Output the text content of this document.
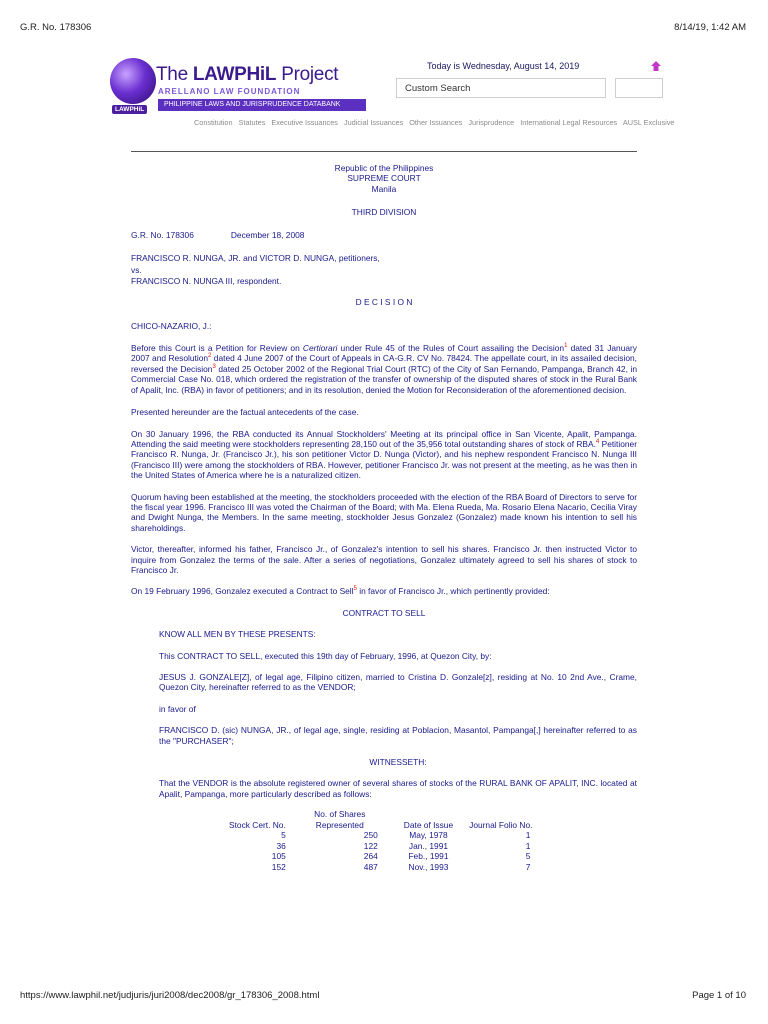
G.R. No. 178306	8/14/19, 1:42 AM
LAWPHiL
The LAWPHiL Project
ARELLANO LAW FOUNDATION
PHILIPPINE LAWS AND JURISPRUDENCE DATABANK
Today is Wednesday, August 14, 2019
Custom Search
Constitution Statutes Executive Issuances Judicial Issuances Other Issuances Jurisprudence International Legal Resources AUSL Exclusive

Republic of the Philippines

SUPREME COURT

Manila

THIRD DIVISION

G.R. No. 178306	December 18, 2008

FRANCISCO R. NUNGA, JR. and VICTOR D. NUNGA, petitioners,

vs.

FRANCISCO N. NUNGA III, respondent.

D E C I S I O N

CHICO-NAZARIO, J.:

Before this Court is a Petition for Review on Certiorari under Rule 45 of the Rules of Court assailing the Decision$^1$ dated 31 January 2007 and Resolution$^2$ dated 4 June 2007 of the Court of Appeals in CA-G.R. CV No. 78424. The appellate court, in its assailed decision, reversed the Decision$^3$ dated 25 October 2002 of the Regional Trial Court (RTC) of the City of San Fernando, Pampanga, Branch 42, in Commercial Case No. 018, which ordered the registration of the transfer of ownership of the disputed shares of stock in the Rural Bank of Apalit, Inc. (RBA) in favor of petitioners; and in its resolution, denied the Motion for Reconsideration of the aforementioned decision.

Presented hereunder are the factual antecedents of the case.

On 30 January 1996, the RBA conducted its Annual Stockholders' Meeting at its principal office in San Vicente, Apalit, Pampanga. Attending the said meeting were stockholders representing 28,150 out of the 35,956 total outstanding shares of stock of RBA.$^4$ Petitioner Francisco R. Nunga, Jr. (Francisco Jr.), his son petitioner Victor D. Nunga (Victor), and his nephew respondent Francisco N. Nunga III (Francisco III) were among the stockholders of RBA. However, petitioner Francisco Jr. was not present at the meeting, as he was then in the United States of America where he is a naturalized citizen.

Quorum having been established at the meeting, the stockholders proceeded with the election of the RBA Board of Directors to serve for the fiscal year 1996. Francisco III was voted the Chairman of the Board; with Ma. Elena Rueda, Ma. Rosario Elena Nacario, Cecilia Viray and Dwight Nunga, the Members. In the same meeting, stockholder Jesus Gonzalez (Gonzalez) made known his intention to sell his shareholdings.

Victor, thereafter, informed his father, Francisco Jr., of Gonzalez's intention to sell his shares. Francisco Jr. then instructed Victor to inquire from Gonzalez the terms of the sale. After a series of negotiations, Gonzalez ultimately agreed to sell his shares of stock to Francisco Jr.

On 19 February 1996, Gonzalez executed a Contract to Sell$^5$ in favor of Francisco Jr., which pertinently provided:

CONTRACT TO SELL

KNOW ALL MEN BY THESE PRESENTS:

This CONTRACT TO SELL, executed this 19th day of February, 1996, at Quezon City, by:

JESUS J. GONZALE[Z], of legal age, Filipino citizen, married to Cristina D. Gonzale[z], residing at No. 10 2nd Ave., Crame, Quezon City, hereinafter referred to as the VENDOR;

in favor of

FRANCISCO D. (sic) NUNGA, JR., of legal age, single, residing at Poblacion, Masantol, Pampanga[,] hereinafter referred to as the "PURCHASER";

WITNESSETH:

That the VENDOR is the absolute registered owner of several shares of stocks of the RURAL BANK OF APALIT, INC. located at Apalit, Pampanga, more particularly described as follows:

Stock Cert. No.	No. of Shares Represented	Date of Issue	Journal Folio No.
5	250	May, 1978	1
36	122	Jan., 1991	1
105	264	Feb., 1991	5
152	487	Nov., 1993	7
https://www.lawphil.net/judjuris/juri2008/dec2008/gr_178306_2008.html	Page 1 of 10
